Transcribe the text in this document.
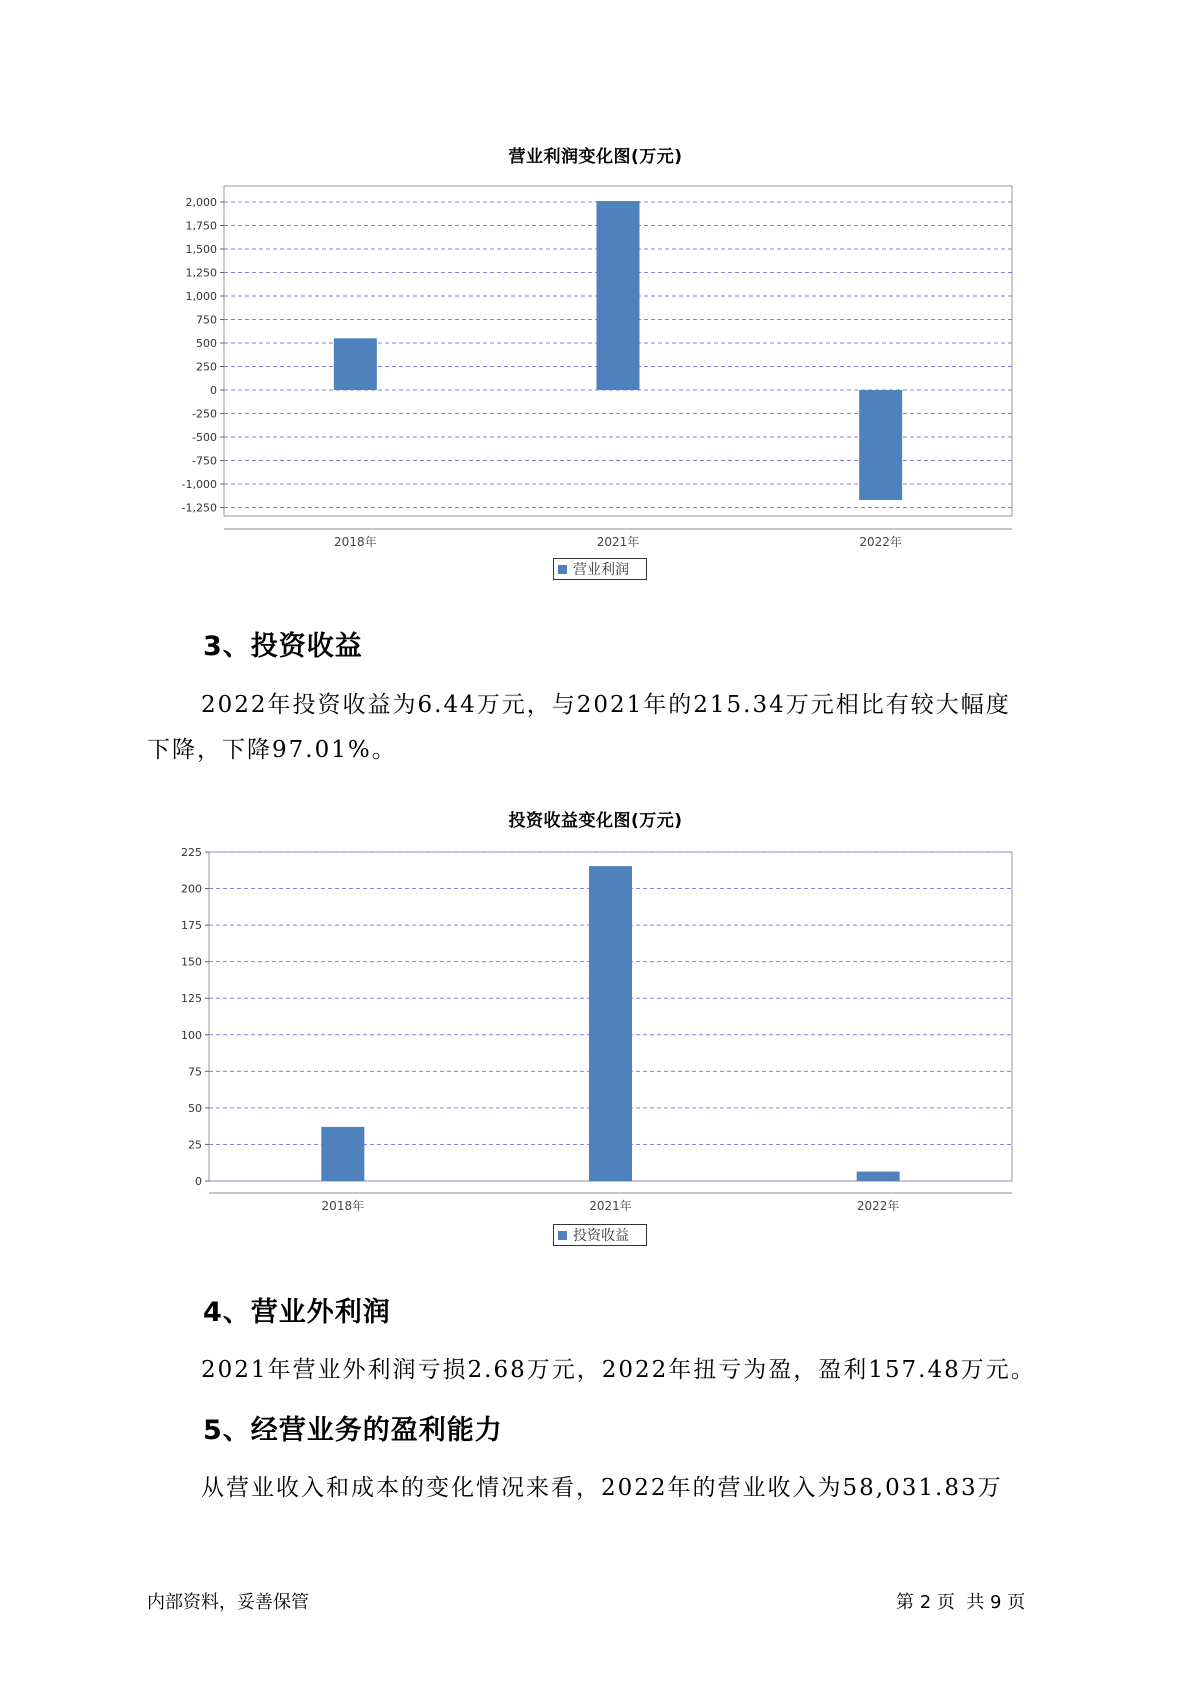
营业利润变化图(万元)
2,000
1,750
1,500
1,250
1,000
750
500
250
0
-250
-500
-750
-1,000
-1,250
2018年	2021年	2022年
营业利润
3、投资收益
2022年投资收益为6.44万元，与2021年的215.34万元相比有较大幅度
下降，下降97.01%。
投资收益变化图(万元)
225
200
175
150
125
100
75
50
25
0
2018年	2021年	2022年
投资收益
4、营业外利润
2021年营业外利润亏损2.68万元，2022年扭亏为盈，盈利157.48万元。
5、经营业务的盈利能力
从营业收入和成本的变化情况来看，2022年的营业收入为58,031.83万
内部资料，妥善保管	第 2 页  共 9 页
